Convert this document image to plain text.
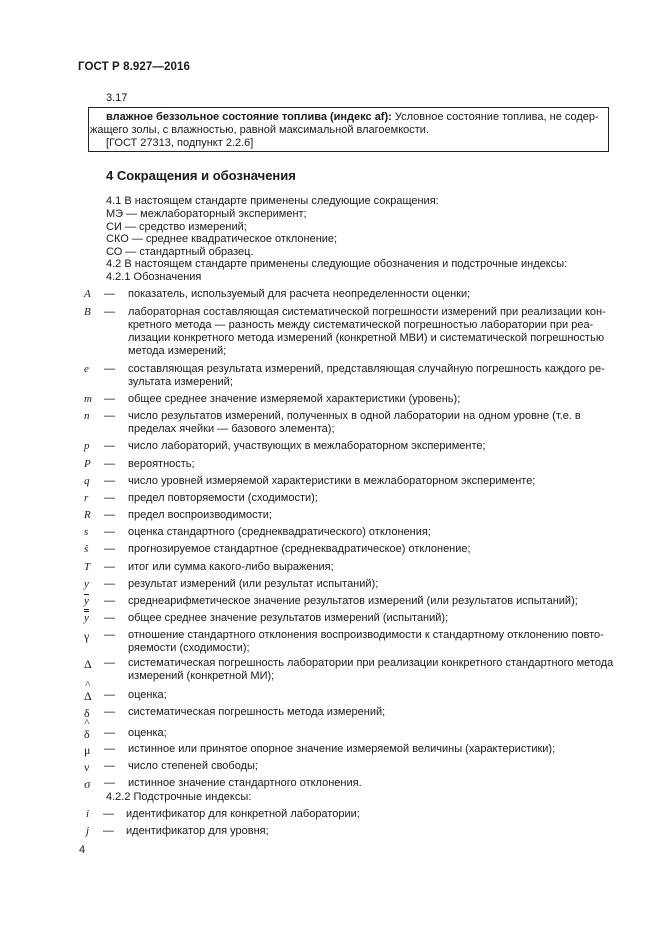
ГОСТ Р 8.927—2016
3.17
влажное беззольное состояние топлива (индекс af): Условное состояние топлива, не содер-
жащего золы, с влажностью, равной максимальной влагоемкости.
[ГОСТ 27313, подпункт 2.2.6]
4 Сокращения и обозначения
4.1 В настоящем стандарте применены следующие сокращения:
МЭ — межлабораторный эксперимент;
СИ — средство измерений;
СКО — среднее квадратическое отклонение;
СО — стандартный образец.
4.2 В настоящем стандарте применены следующие обозначения и подстрочные индексы:
4.2.1 Обозначения
A — показатель, используемый для расчета неопределенности оценки;
B — лабораторная составляющая систематической погрешности измерений при реализации кон-
кретного метода — разность между систематической погрешностью лаборатории при реа-
лизации конкретного метода измерений (конкретной МВИ) и систематической погрешностью
метода измерений;
e — составляющая результата измерений, представляющая случайную погрешность каждого ре-
зультата измерений;
m — общее среднее значение измеряемой характеристики (уровень);
n — число результатов измерений, полученных в одной лаборатории на одном уровне (т.е. в
пределах ячейки — базового элемента);
p — число лабораторий, участвующих в межлабораторном эксперименте;
P — вероятность;
q — число уровней измеряемой характеристики в межлабораторном эксперименте;
r — предел повторяемости (сходимости);
R — предел воспроизводимости;
s — оценка стандартного (среднеквадратического) отклонения;
ŝ — прогнозируемое стандартное (среднеквадратическое) отклонение;
T — итог или сумма какого-либо выражения;
y — результат измерений (или результат испытаний);
$\overline{y}$ — среднеарифметическое значение результатов измерений (или результатов испытаний);
y — общее среднее значение результатов измерений (испытаний);
γ — отношение стандартного отклонения воспроизводимости к стандартному отклонению повто-
ряемости (сходимости);
Δ — систематическая погрешность лаборатории при реализации конкретного стандартного метода
измерений (конкретной МИ);
^
Δ — оценка;
δ — систематическая погрешность метода измерений;
^
δ — оценка;
μ — истинное или принятое опорное значение измеряемой величины (характеристики);
ν — число степеней свободы;
σ — истинное значение стандартного отклонения.
4.2.2 Подстрочные индексы:
i — идентификатор для конкретной лаборатории;
j — идентификатор для уровня;
4
